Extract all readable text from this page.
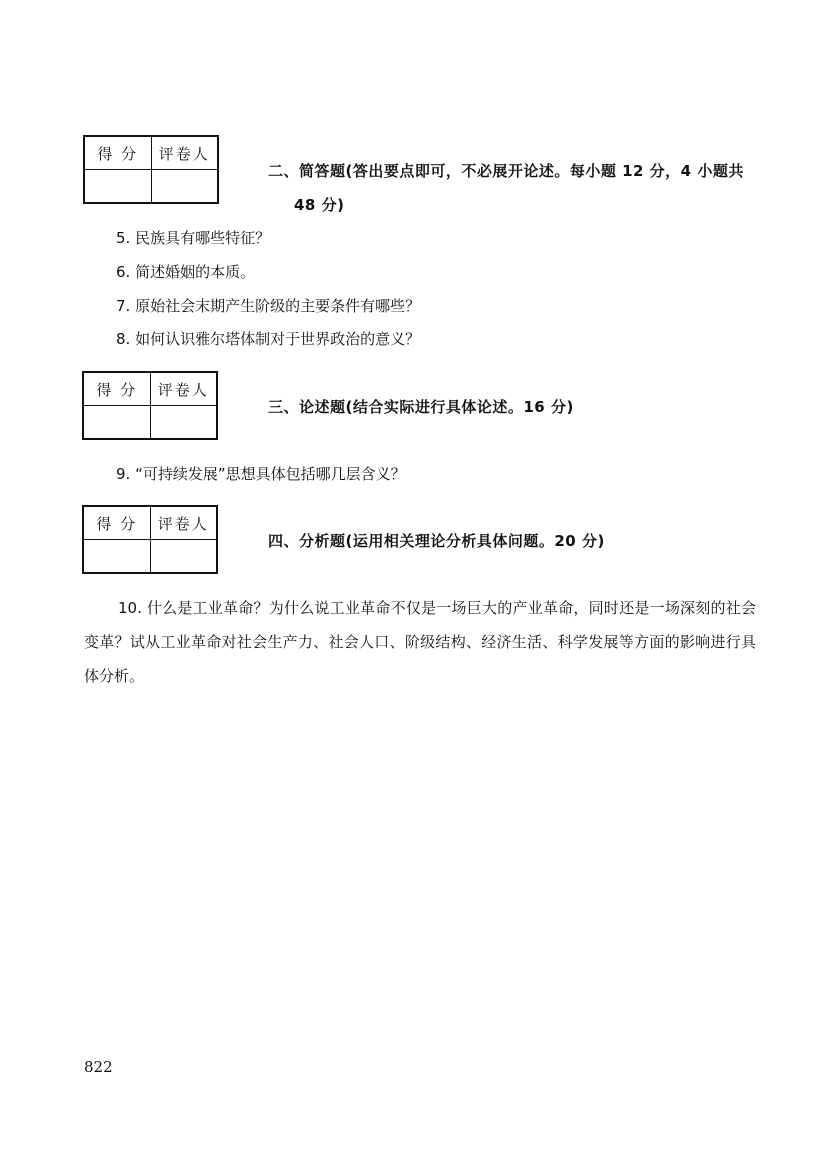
得 分	评卷人

二、简答题(答出要点即可，不必展开论述。每小题 12 分，4 小题共
48 分)
5. 民族具有哪些特征？
6. 简述婚姻的本质。
7. 原始社会末期产生阶级的主要条件有哪些？
8. 如何认识雅尔塔体制对于世界政治的意义？
得 分	评卷人

三、论述题(结合实际进行具体论述。16 分)
9. “可持续发展”思想具体包括哪几层含义？
得 分	评卷人

四、分析题(运用相关理论分析具体问题。20 分)
10. 什么是工业革命？为什么说工业革命不仅是一场巨大的产业革命，同时还是一场深刻的社会变革？试从工业革命对社会生产力、社会人口、阶级结构、经济生活、科学发展等方面的影响进行具体分析。
822
